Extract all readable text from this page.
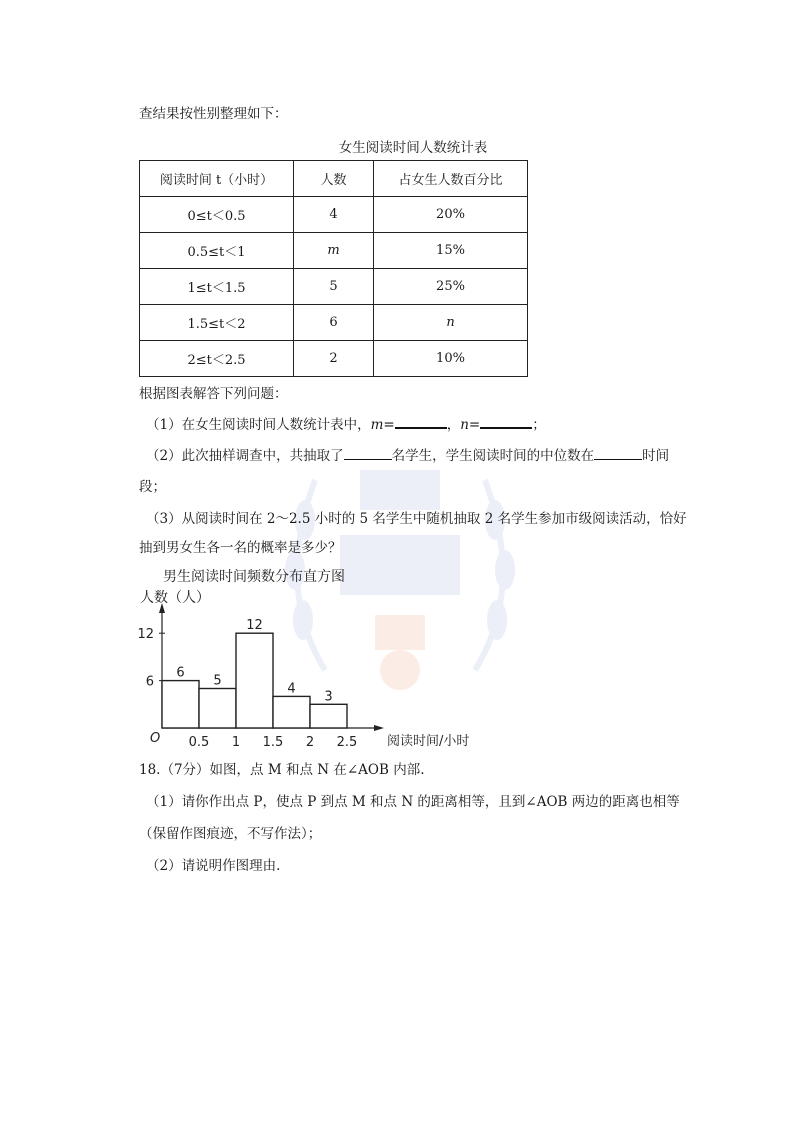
查结果按性别整理如下：
女生阅读时间人数统计表
阅读时间 t（小时）	人数	占女生人数百分比
0≤t＜0.5	4	20%
0.5≤t＜1	m	15%
1≤t＜1.5	5	25%
1.5≤t＜2	6	n
2≤t＜2.5	2	10%
根据图表解答下列问题：
（1）在女生阅读时间人数统计表中，m=	，n=	；
（2）此次抽样调查中，共抽取了	名学生，学生阅读时间的中位数在	时间
段；
（3）从阅读时间在 2～2.5 小时的 5 名学生中随机抽取 2 名学生参加市级阅读活动，恰好
抽到男女生各一名的概率是多少？
男生阅读时间频数分布直方图
人数（人）
阅读时间/小时
O
6
12
0.5 1 1.5 2 2.5
6
5
12
4
3
18.（7分）如图，点 M 和点 N 在∠AOB 内部.
（1）请你作出点 P，使点 P 到点 M 和点 N 的距离相等，且到∠AOB 两边的距离也相等
（保留作图痕迹，不写作法）；
（2）请说明作图理由.
